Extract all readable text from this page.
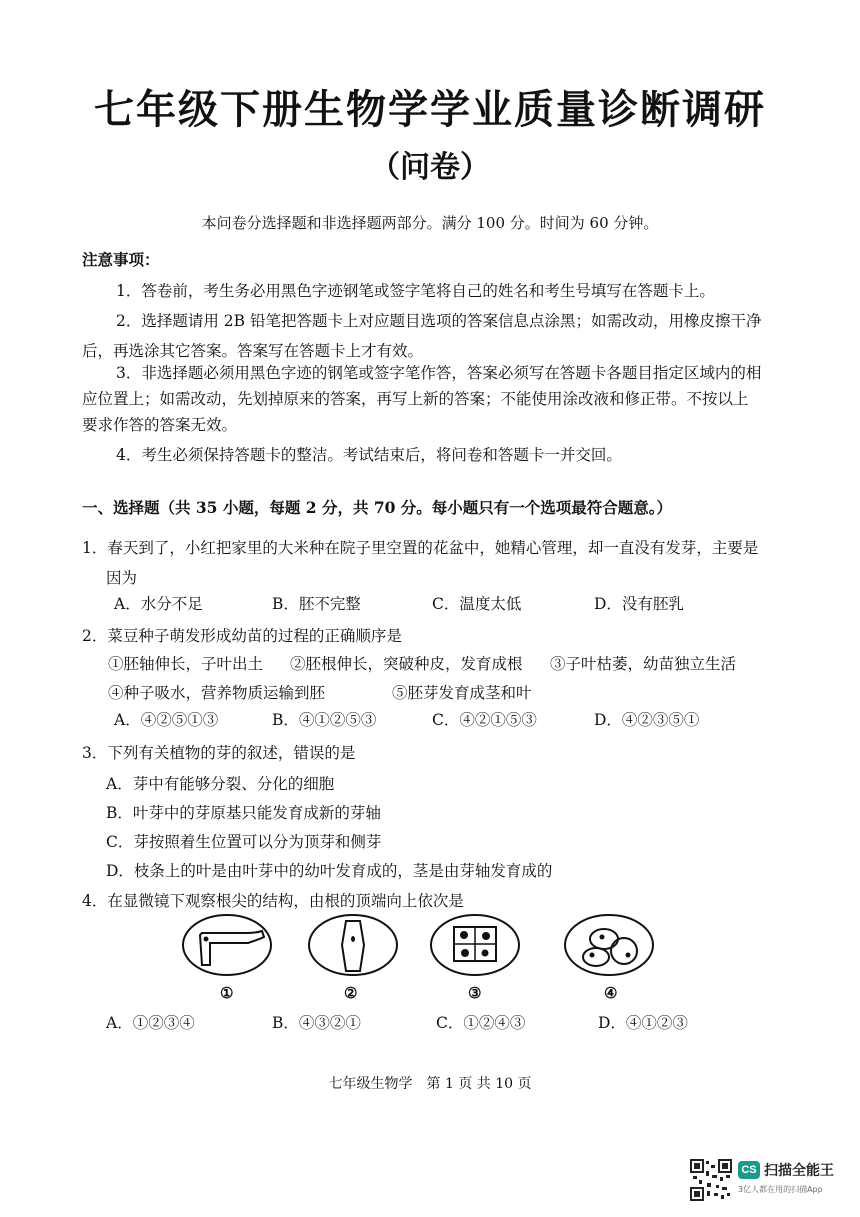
七年级下册生物学学业质量诊断调研
（问卷）
本问卷分选择题和非选择题两部分。满分 100 分。时间为 60 分钟。
注意事项：
1．答卷前，考生务必用黑色字迹钢笔或签字笔将自己的姓名和考生号填写在答题卡上。
2．选择题请用 2B 铅笔把答题卡上对应题目选项的答案信息点涂黑；如需改动，用橡皮擦干净
后，再选涂其它答案。答案写在答题卡上才有效。
3．非选择题必须用黑色字迹的钢笔或签字笔作答，答案必须写在答题卡各题目指定区域内的相
应位置上；如需改动，先划掉原来的答案，再写上新的答案；不能使用涂改液和修正带。不按以上
要求作答的答案无效。
4．考生必须保持答题卡的整洁。考试结束后，将问卷和答题卡一并交回。
一、选择题（共 35 小题，每题 2 分，共 70 分。每小题只有一个选项最符合题意。）
1．春天到了，小红把家里的大米种在院子里空置的花盆中，她精心管理，却一直没有发芽，主要是
因为
A．水分不足	B．胚不完整	C．温度太低	D．没有胚乳
2．菜豆种子萌发形成幼苗的过程的正确顺序是
①胚轴伸长，子叶出土 ②胚根伸长，突破种皮，发育成根 ③子叶枯萎，幼苗独立生活
④种子吸水，营养物质运输到胚	⑤胚芽发育成茎和叶
A．④②⑤①③	B．④①②⑤③	C．④②①⑤③	D．④②③⑤①
3．下列有关植物的芽的叙述，错误的是
A．芽中有能够分裂、分化的细胞
B．叶芽中的芽原基只能发育成新的芽轴
C．芽按照着生位置可以分为顶芽和侧芽
D．枝条上的叶是由叶芽中的幼叶发育成的，茎是由芽轴发育成的
4．在显微镜下观察根尖的结构，由根的顶端向上依次是
①	②	③	④
A．①②③④	B．④③②①	C．①②④③	D．④①②③
七年级生物学　第 1 页 共 10 页
CS 扫描全能王
3亿人都在用的扫描App
